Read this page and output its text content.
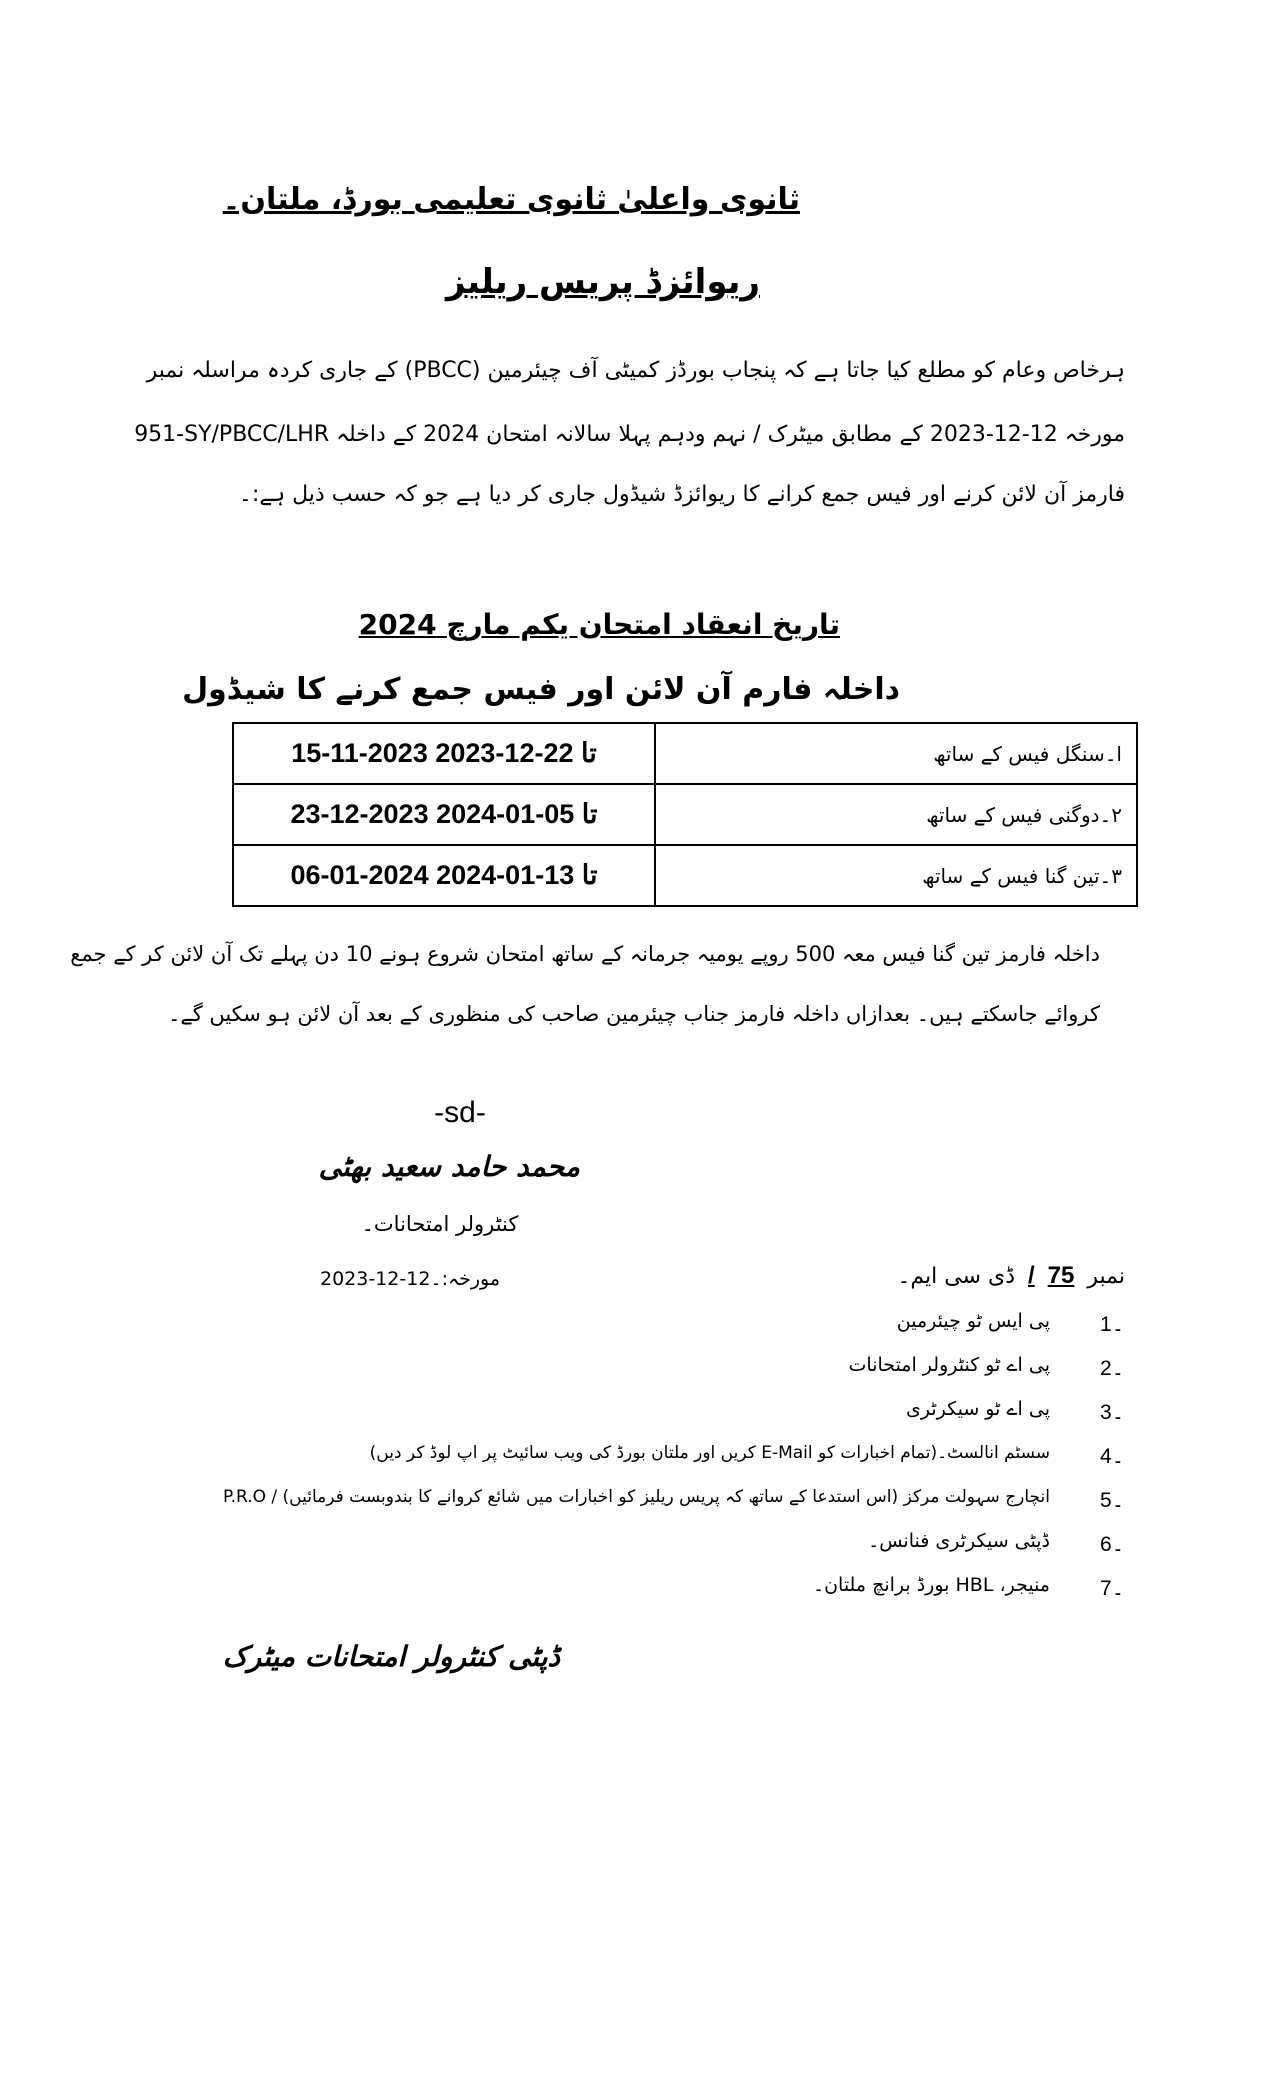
ثانوی واعلیٰ ثانوی تعلیمی بورڈ، ملتان۔
ریوائزڈ پریس ریلیز
ہرخاص وعام کو مطلع کیا جاتا ہے کہ پنجاب بورڈز کمیٹی آف چیئرمین (PBCC) کے جاری کردہ مراسلہ نمبر
951-SY/PBCC/LHR مورخہ 12-12-2023 کے مطابق میٹرک / نہم ودہم پہلا سالانہ امتحان 2024 کے داخلہ
فارمز آن لائن کرنے اور فیس جمع کرانے کا ریوائزڈ شیڈول جاری کر دیا ہے جو کہ حسب ذیل ہے:۔
تاریخ انعقاد امتحان یکم مارچ 2024
داخلہ فارم آن لائن اور فیس جمع کرنے کا شیڈول
15-11-2023 تا 22-12-2023	ا۔سنگل فیس کے ساتھ
23-12-2023 تا 05-01-2024	۲۔دوگنی فیس کے ساتھ
06-01-2024 تا 13-01-2024	۳۔تین گنا فیس کے ساتھ
داخلہ فارمز تین گنا فیس معہ 500 روپے یومیہ جرمانہ کے ساتھ امتحان شروع ہونے 10 دن پہلے تک آن لائن کر کے جمع
کروائے جاسکتے ہیں۔ بعدازاں داخلہ فارمز جناب چیئرمین صاحب کی منظوری کے بعد آن لائن ہو سکیں گے۔
-sd-
محمد حامد سعید بھٹی
کنٹرولر امتحانات۔
مورخہ:۔12-12-2023	نمبر 75 / ڈی سی ایم۔
1۔
پی ایس ٹو چیئرمین
2۔
پی اے ٹو کنٹرولر امتحانات
3۔
پی اے ٹو سیکرٹری
4۔
سسٹم انالسٹ۔(تمام اخبارات کو E-Mail کریں اور ملتان بورڈ کی ویب سائیٹ پر اپ لوڈ کر دیں)
5۔
P.R.O / انچارج سہولت مرکز (اس استدعا کے ساتھ کہ پریس ریلیز کو اخبارات میں شائع کروانے کا بندوبست فرمائیں)
6۔
ڈپٹی سیکرٹری فنانس۔
7۔
منیجر، HBL بورڈ برانچ ملتان۔
ڈپٹی کنٹرولر امتحانات میٹرک
